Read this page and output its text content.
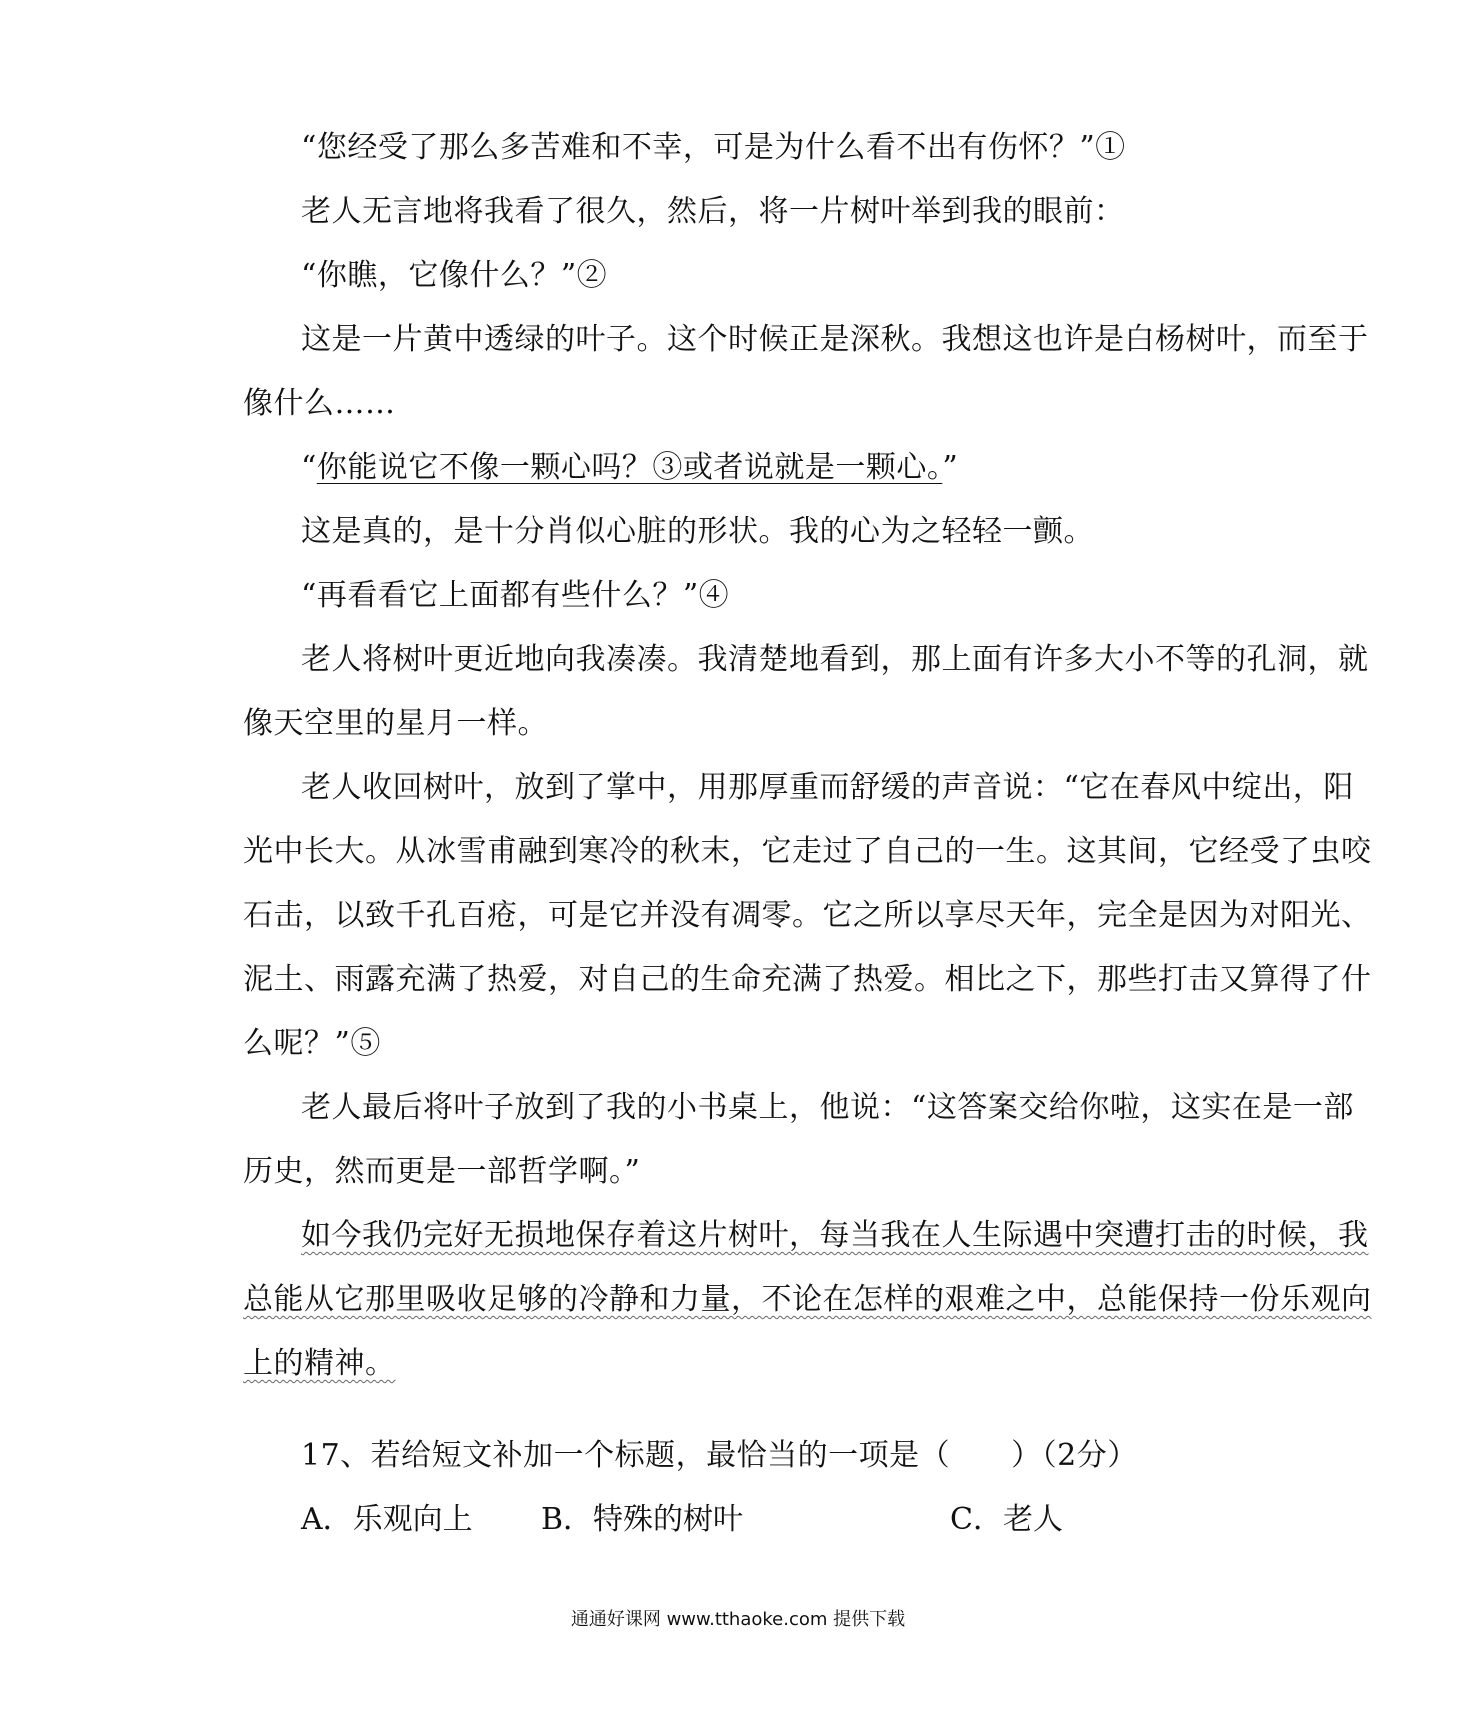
“您经受了那么多苦难和不幸，可是为什么看不出有伤怀？”①
老人无言地将我看了很久，然后，将一片树叶举到我的眼前：
“你瞧，它像什么？”②
这是一片黄中透绿的叶子。这个时候正是深秋。我想这也许是白杨树叶，而至于
像什么……
“你能说它不像一颗心吗？③或者说就是一颗心。”
这是真的，是十分肖似心脏的形状。我的心为之轻轻一颤。
“再看看它上面都有些什么？”④
老人将树叶更近地向我凑凑。我清楚地看到，那上面有许多大小不等的孔洞，就
像天空里的星月一样。
老人收回树叶，放到了掌中，用那厚重而舒缓的声音说：“它在春风中绽出，阳
光中长大。从冰雪甫融到寒冷的秋末，它走过了自己的一生。这其间，它经受了虫咬
石击，以致千孔百疮，可是它并没有凋零。它之所以享尽天年，完全是因为对阳光、
泥土、雨露充满了热爱，对自己的生命充满了热爱。相比之下，那些打击又算得了什
么呢？”⑤
老人最后将叶子放到了我的小书桌上，他说：“这答案交给你啦，这实在是一部
历史，然而更是一部哲学啊。”
如今我仍完好无损地保存着这片树叶，每当我在人生际遇中突遭打击的时候，我
总能从它那里吸收足够的冷静和力量，不论在怎样的艰难之中，总能保持一份乐观向
上的精神。
17、若给短文补加一个标题，最恰当的一项是（　　）（2分）
A．乐观向上 B．特殊的树叶	C．老人
通通好课网 www.tthaoke.com 提供下载
